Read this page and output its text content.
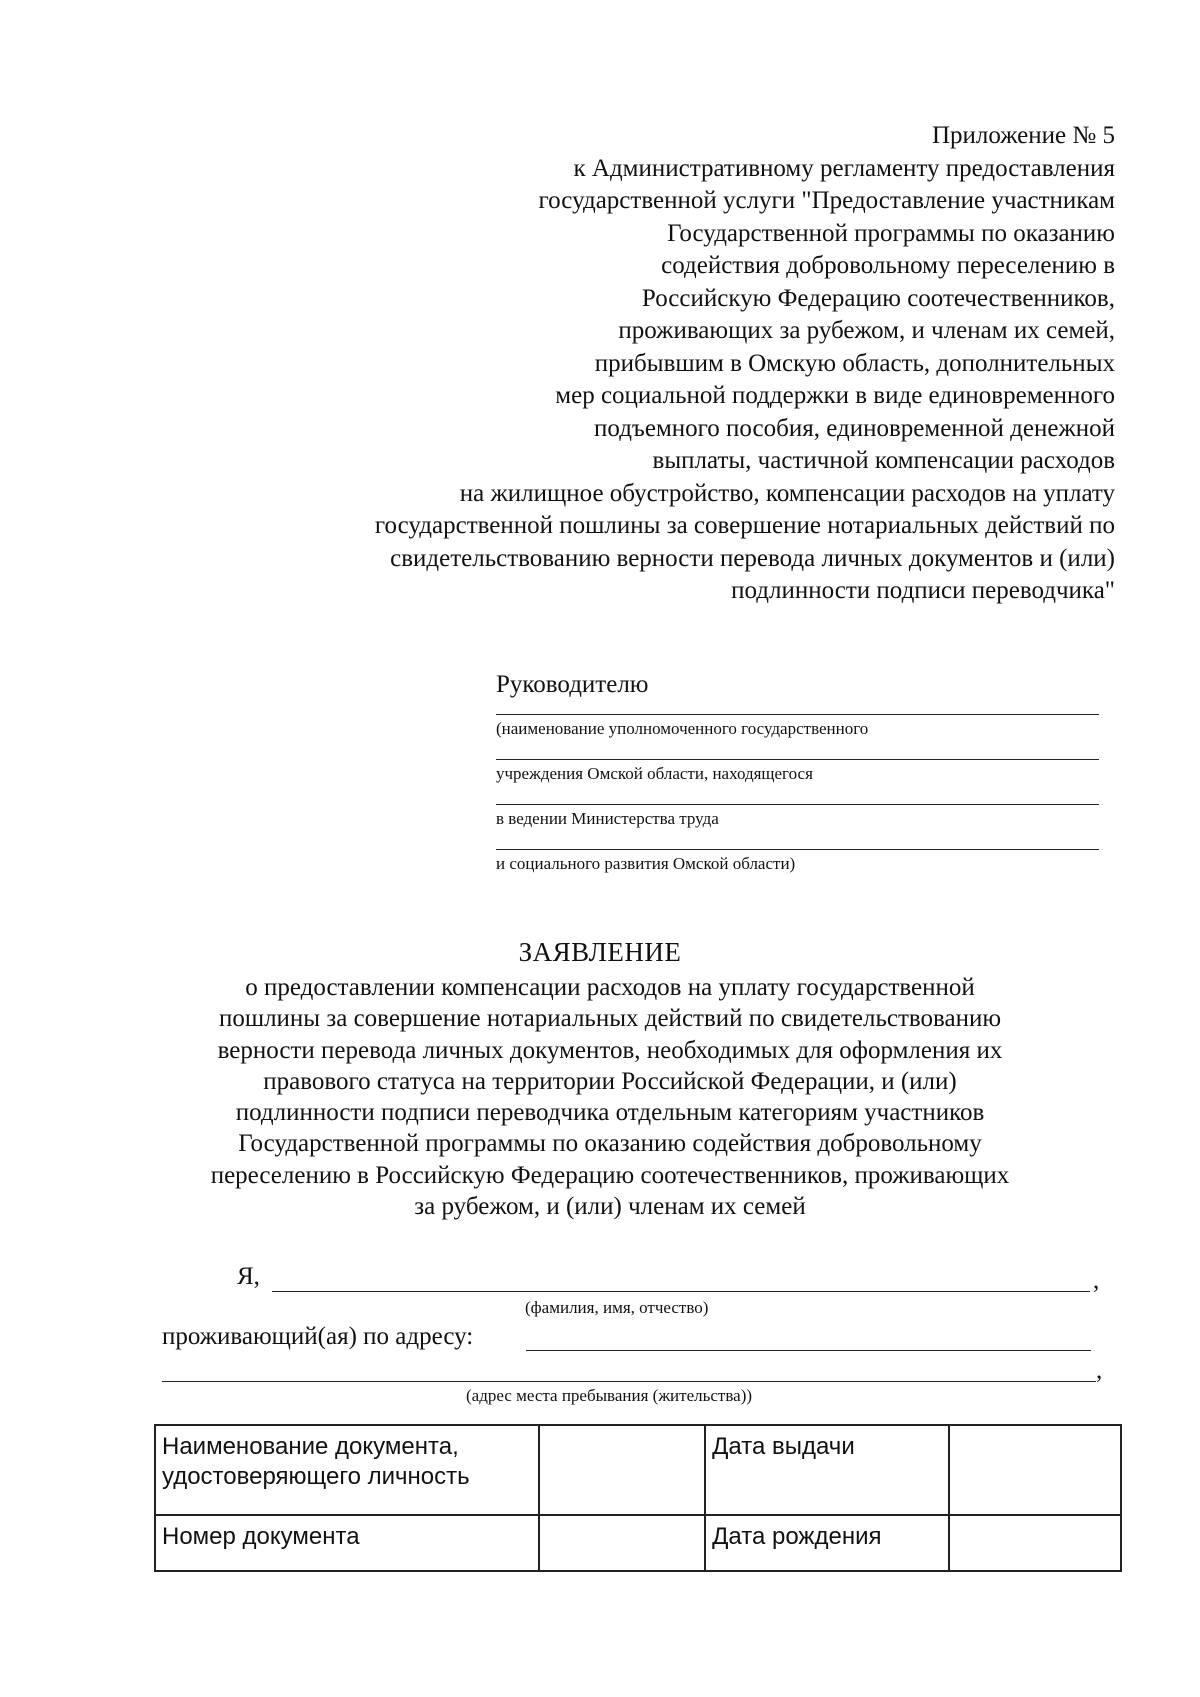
Приложение № 5
к Административному регламенту предоставления
государственной услуги "Предоставление участникам
Государственной программы по оказанию
содействия добровольному переселению в
Российскую Федерацию соотечественников,
проживающих за рубежом, и членам их семей,
прибывшим в Омскую область, дополнительных
мер социальной поддержки в виде единовременного
подъемного пособия, единовременной денежной
выплаты, частичной компенсации расходов
на жилищное обустройство, компенсации расходов на уплату
государственной пошлины за совершение нотариальных действий по
свидетельствованию верности перевода личных документов и (или)
подлинности подписи переводчика"
Руководителю
(наименование уполномоченного государственного
учреждения Омской области, находящегося
в ведении Министерства труда
и социального развития Омской области)
ЗАЯВЛЕНИЕ
о предоставлении компенсации расходов на уплату государственной
пошлины за совершение нотариальных действий по свидетельствованию
верности перевода личных документов, необходимых для оформления их
правового статуса на территории Российской Федерации, и (или)
подлинности подписи переводчика отдельным категориям участников
Государственной программы по оказанию содействия добровольному
переселению в Российскую Федерацию соотечественников, проживающих
за рубежом, и (или) членам их семей
Я,	,
(фамилия, имя, отчество)
проживающий(ая) по адресу:
,
(адрес места пребывания (жительства))
Наименование документа, удостоверяющего личность		Дата выдачи	
Номер документа		Дата рождения	
